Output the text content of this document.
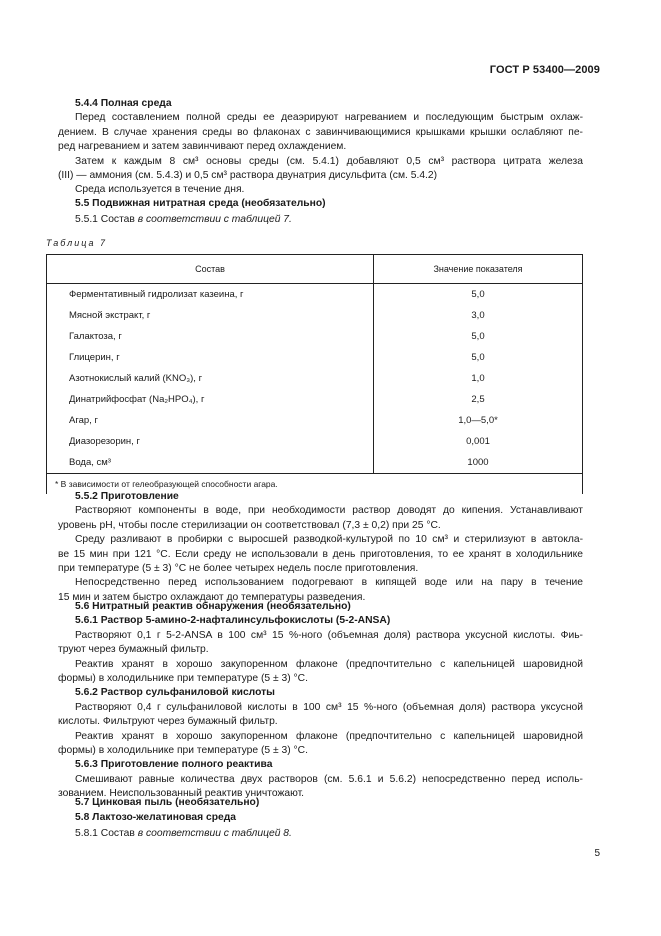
ГОСТ Р 53400—2009
5.4.4 Полная среда
Перед составлением полной среды ее деаэрируют нагреванием и последующим быстрым охлаж-
дением. В случае хранения среды во флаконах с завинчивающимися крышками крышки ослабляют пе-
ред нагреванием и затем завинчивают перед охлаждением.
Затем к каждым 8 см³ основы среды (см. 5.4.1) добавляют 0,5 см³ раствора цитрата железа
(III) — аммония (см. 5.4.3) и 0,5 см³ раствора двунатрия дисульфита (см. 5.4.2)
Среда используется в течение дня.
5.5 Подвижная нитратная среда (необязательно)
5.5.1 Состав в соответствии с таблицей 7.
Таблица 7
Состав	Значение показателя
Ферментативный гидролизат казеина, г	5,0
Мясной экстракт, г	3,0
Галактоза, г	5,0
Глицерин, г	5,0
Азотнокислый калий (KNO₃), г	1,0
Динатрийфосфат (Na₂HPO₄), г	2,5
Агар, г	1,0—5,0*
Диазорезорин, г	0,001
Вода, см³	1000
* В зависимости от гелеобразующей способности агара.	
5.5.2 Приготовление
Растворяют компоненты в воде, при необходимости раствор доводят до кипения. Устанавливают
уровень pH, чтобы после стерилизации он соответствовал (7,3 ± 0,2) при 25 °С.
Среду разливают в пробирки с выросшей разводкой-культурой по 10 см³ и стерилизуют в автокла-
ве 15 мин при 121 °С. Если среду не использовали в день приготовления, то ее хранят в холодильнике
при температуре (5 ± 3) °С не более четырех недель после приготовления.
Непосредственно перед использованием подогревают в кипящей воде или на пару в течение
15 мин и затем быстро охлаждают до температуры разведения.
5.6 Нитратный реактив обнаружения (необязательно)
5.6.1 Раствор 5-амино-2-нафталинсульфокислоты (5-2-ANSA)
Растворяют 0,1 г 5-2-ANSA в 100 см³ 15 %-ного (объемная доля) раствора уксусной кислоты. Фиь-
труют через бумажный фильтр.
Реактив хранят в хорошо закупоренном флаконе (предпочтительно с капельницей шаровидной
формы) в холодильнике при температуре (5 ± 3) °С.
5.6.2 Раствор сульфаниловой кислоты
Растворяют 0,4 г сульфаниловой кислоты в 100 см³ 15 %-ного (объемная доля) раствора уксусной
кислоты. Фильтруют через бумажный фильтр.
Реактив хранят в хорошо закупоренном флаконе (предпочтительно с капельницей шаровидной
формы) в холодильнике при температуре (5 ± 3) °С.
5.6.3 Приготовление полного реактива
Смешивают равные количества двух растворов (см. 5.6.1 и 5.6.2) непосредственно перед исполь-
зованием. Неиспользованный реактив уничтожают.
5.7 Цинковая пыль (необязательно)
5.8 Лактозо-желатиновая среда
5.8.1 Состав в соответствии с таблицей 8.
5
